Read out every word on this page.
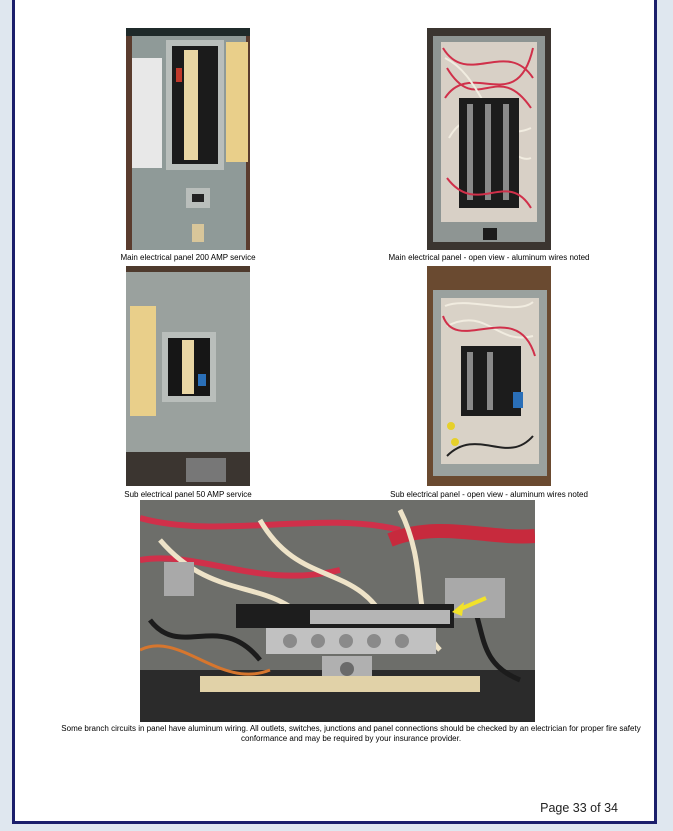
Main electrical panel 200 AMP service	Main electrical panel - open view - aluminum wires noted
Sub electrical panel 50 AMP service	Sub electrical panel - open view - aluminum wires noted
Some branch circuits in panel have aluminum wiring. All outlets, switches, junctions and panel connections should be checked by an electrician for proper fire safety conformance and may be required by your insurance provider.
Page 33 of 34
